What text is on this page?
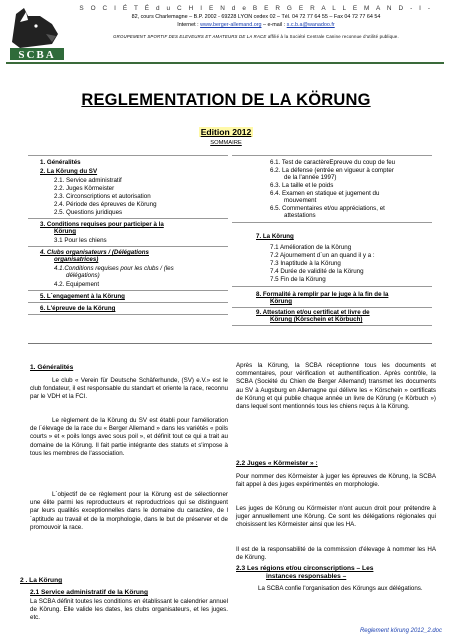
SCBA
S O C I É T É d u C H I E N d e B E R G E R A L L E M A N D - I -
82, cours Charlemagne – B.P. 2002 - 69228 LYON cedex 02 – Tél. 04 72 77 64 55 – Fax 04 72 77 64 54
Internet : www.berger-allemand.org – e-mail : s.c.b.a@wanadoo.fr
GROUPEMENT SPORTIF DES ELEVEURS ET AMATEURS DE LA RACE affilié à la Société Centrale Canine reconnue d'utilité publique.
REGLEMENTATION DE LA KÖRUNG
Edition 2012
SOMMAIRE
1. Généralités
2. La Körung du SV
2.1. Service administratif
2.2. Juges Körmeister
2.3. Circonscriptions et autorisation
2.4. Période des épreuves de Körung
2.5. Questions juridiques
3. Conditions requises pour participer à la
Körung
3.1 Pour les chiens
4. Clubs organisateurs / (Délégations
organisatrices)
4.1.Conditions requises pour les clubs / (les
délégations)
4.2. Equipement
5. L´engagement à la Körung
6. L'épreuve de la Körung
6.1. Test de caractèreEpreuve du coup de feu
6.2. La défense (entrée en vigueur à compter
de la l'année 1997)
6.3. La taille et le poids
6.4. Examen en statique et jugement du
mouvement
6.5. Commentaires et/ou appréciations, et
attestations
7. La Körung
7.1 Amélioration de la Körung
7.2 Ajournement d´un an quand il y a :
7.3 Inaptitude à la Körung
7.4 Durée de validité de la Körung
7.5 Fin de la Körung
8. Formalité à remplir par le juge à la fin de la
Körung
9. Attestation et/ou certificat et livre de
Körung (Körschein et Körbuch)
1. Généralités
Le club « Verein für Deutsche Schäferhunde, (SV) e.V.» est le club fondateur, il est responsable du standart et oriente la race, reconnu par le VDH et la FCI.
Le règlement de la Körung du SV est établi pour l'amélioration de l´élevage de la race du « Berger Allemand » dans les variétés « poils courts » et « poils longs avec sous poil », et définit tout ce qui a trait au domaine de la Körung. Il fait partie intégrante des statuts et s'impose à tous les membres de l'association.
L´objectif de ce règlement pour la Körung est de sélectionner une élite parmi les reproducteurs et reproductrices qui se distinguent par leurs qualités exceptionnelles dans le domaine du caractère, de l´aptitude au travail et de la morphologie, dans le but de préserver et de promouvoir la race.
2 . La Körung
2.1 Service administratif de la Körung
La SCBA définit toutes les conditions en établissant le calendrier annuel de Körung. Elle valide les dates, les clubs organisateurs, et les juges. etc.
Après la Körung, la SCBA réceptionne tous les documents et commentaires, pour vérification et authentification. Après contrôle, la SCBA (Société du Chien de Berger Allemand) transmet les documents au SV à Augsburg en Allemagne qui délivre les « Körschein » certificats de Körung et qui publie chaque année un livre de Körung (« Körbuch ») dans lequel sont mentionnés tous les chiens reçus à la Körung.
2.2 Juges « Körmeister » :
Pour nommer des Körmeister à juger les épreuves de Körung, la SCBA fait appel à des juges expérimentés en morphologie.
Les juges de Körung ou Körmeister n'ont aucun droit pour prétendre à juger annuellement une Körung. Ce sont les délégations régionales qui choisissent les Körmeister ainsi que les HA.
Il est de la responsabilité de la commission d'élevage à nommer les HA de Körung.
2.3 Les régions et/ou circonscriptions – Les
instances responsables –
La SCBA confie l'organisation des Körungs aux délégations.
Reglement körung 2012_2.doc
